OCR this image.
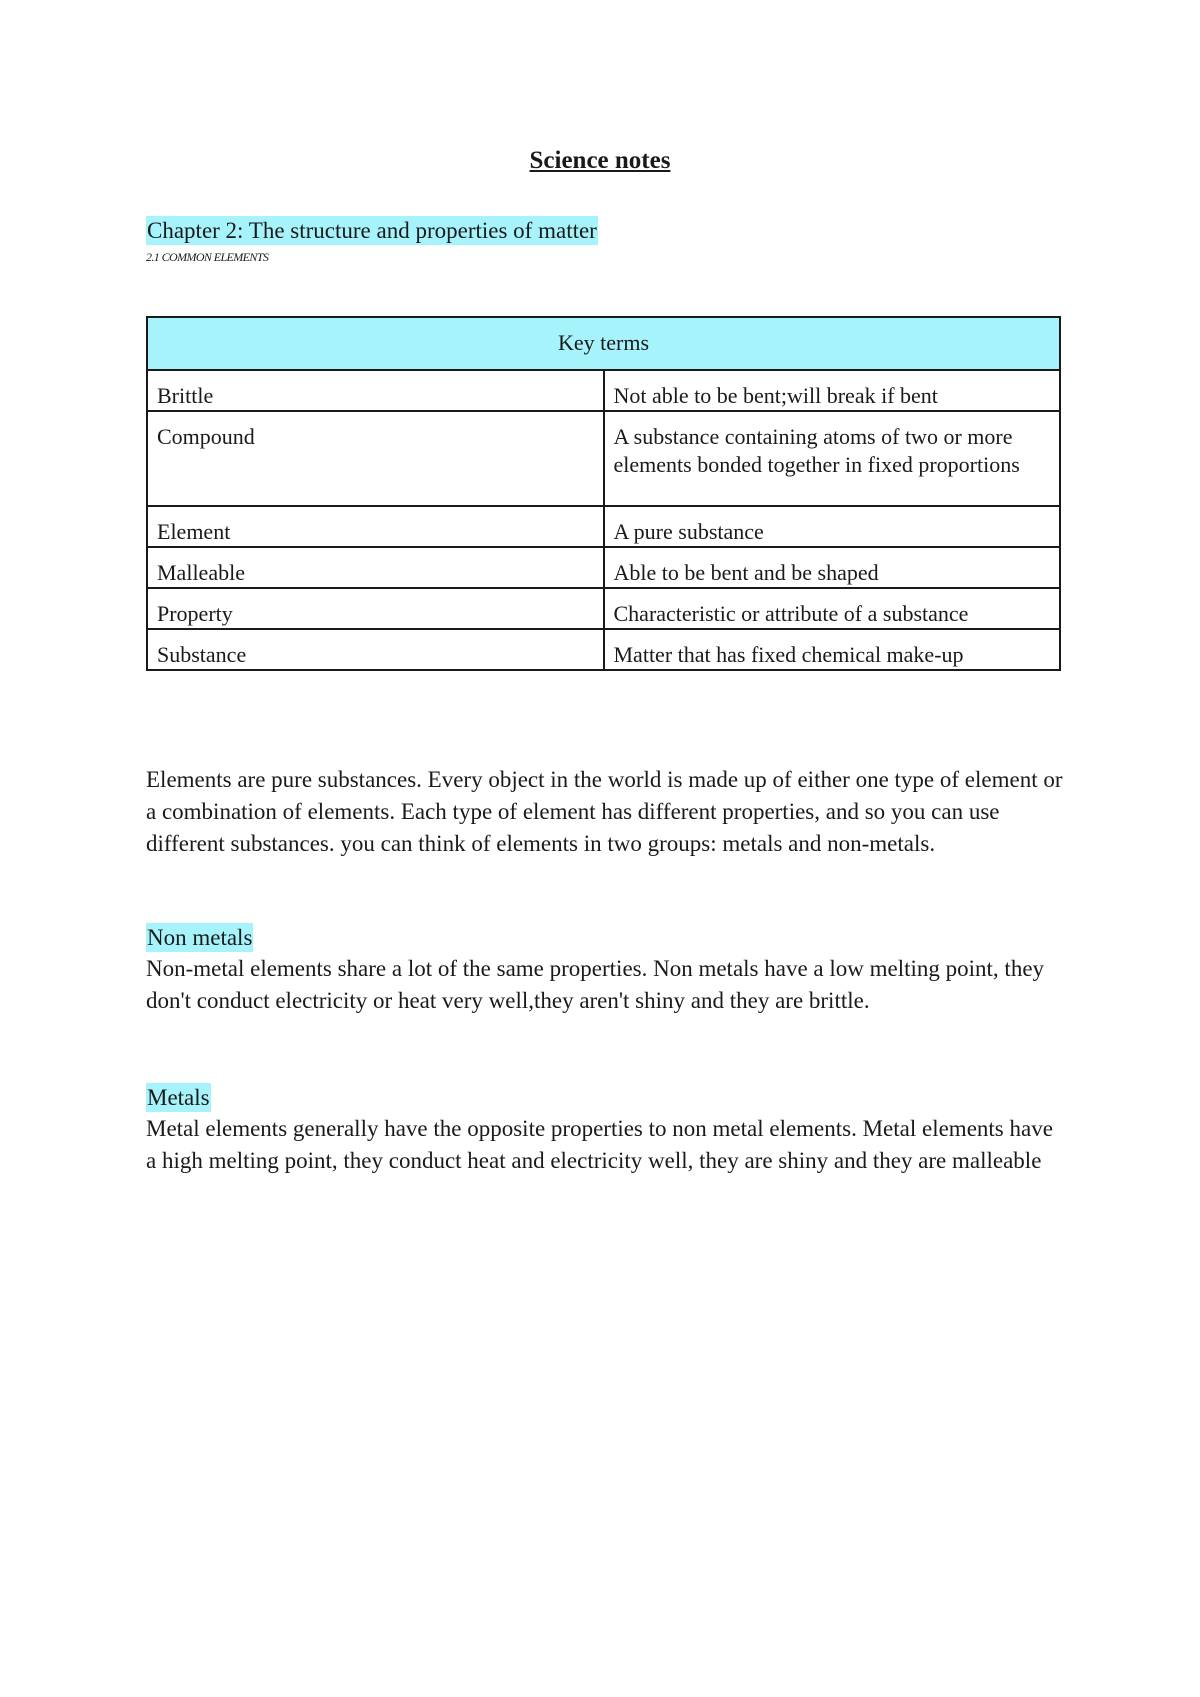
Science notes
Chapter 2: The structure and properties of matter
2.1 COMMON ELEMENTS
Key terms	
Brittle	Not able to be bent;will break if bent
Compound	A substance containing atoms of two or more elements bonded together in fixed proportions
Element	A pure substance
Malleable	Able to be bent and be shaped
Property	Characteristic or attribute of a substance
Substance	Matter that has fixed chemical make-up
Elements are pure substances. Every object in the world is made up of either one type of element or a combination of elements. Each type of element has different properties, and so you can use different substances. you can think of elements in two groups: metals and non-metals.
Non metals
Non-metal elements share a lot of the same properties. Non metals have a low melting point, they don't conduct electricity or heat very well,they aren't shiny and they are brittle.
Metals
Metal elements generally have the opposite properties to non metal elements. Metal elements have a high melting point, they conduct heat and electricity well, they are shiny and they are malleable
